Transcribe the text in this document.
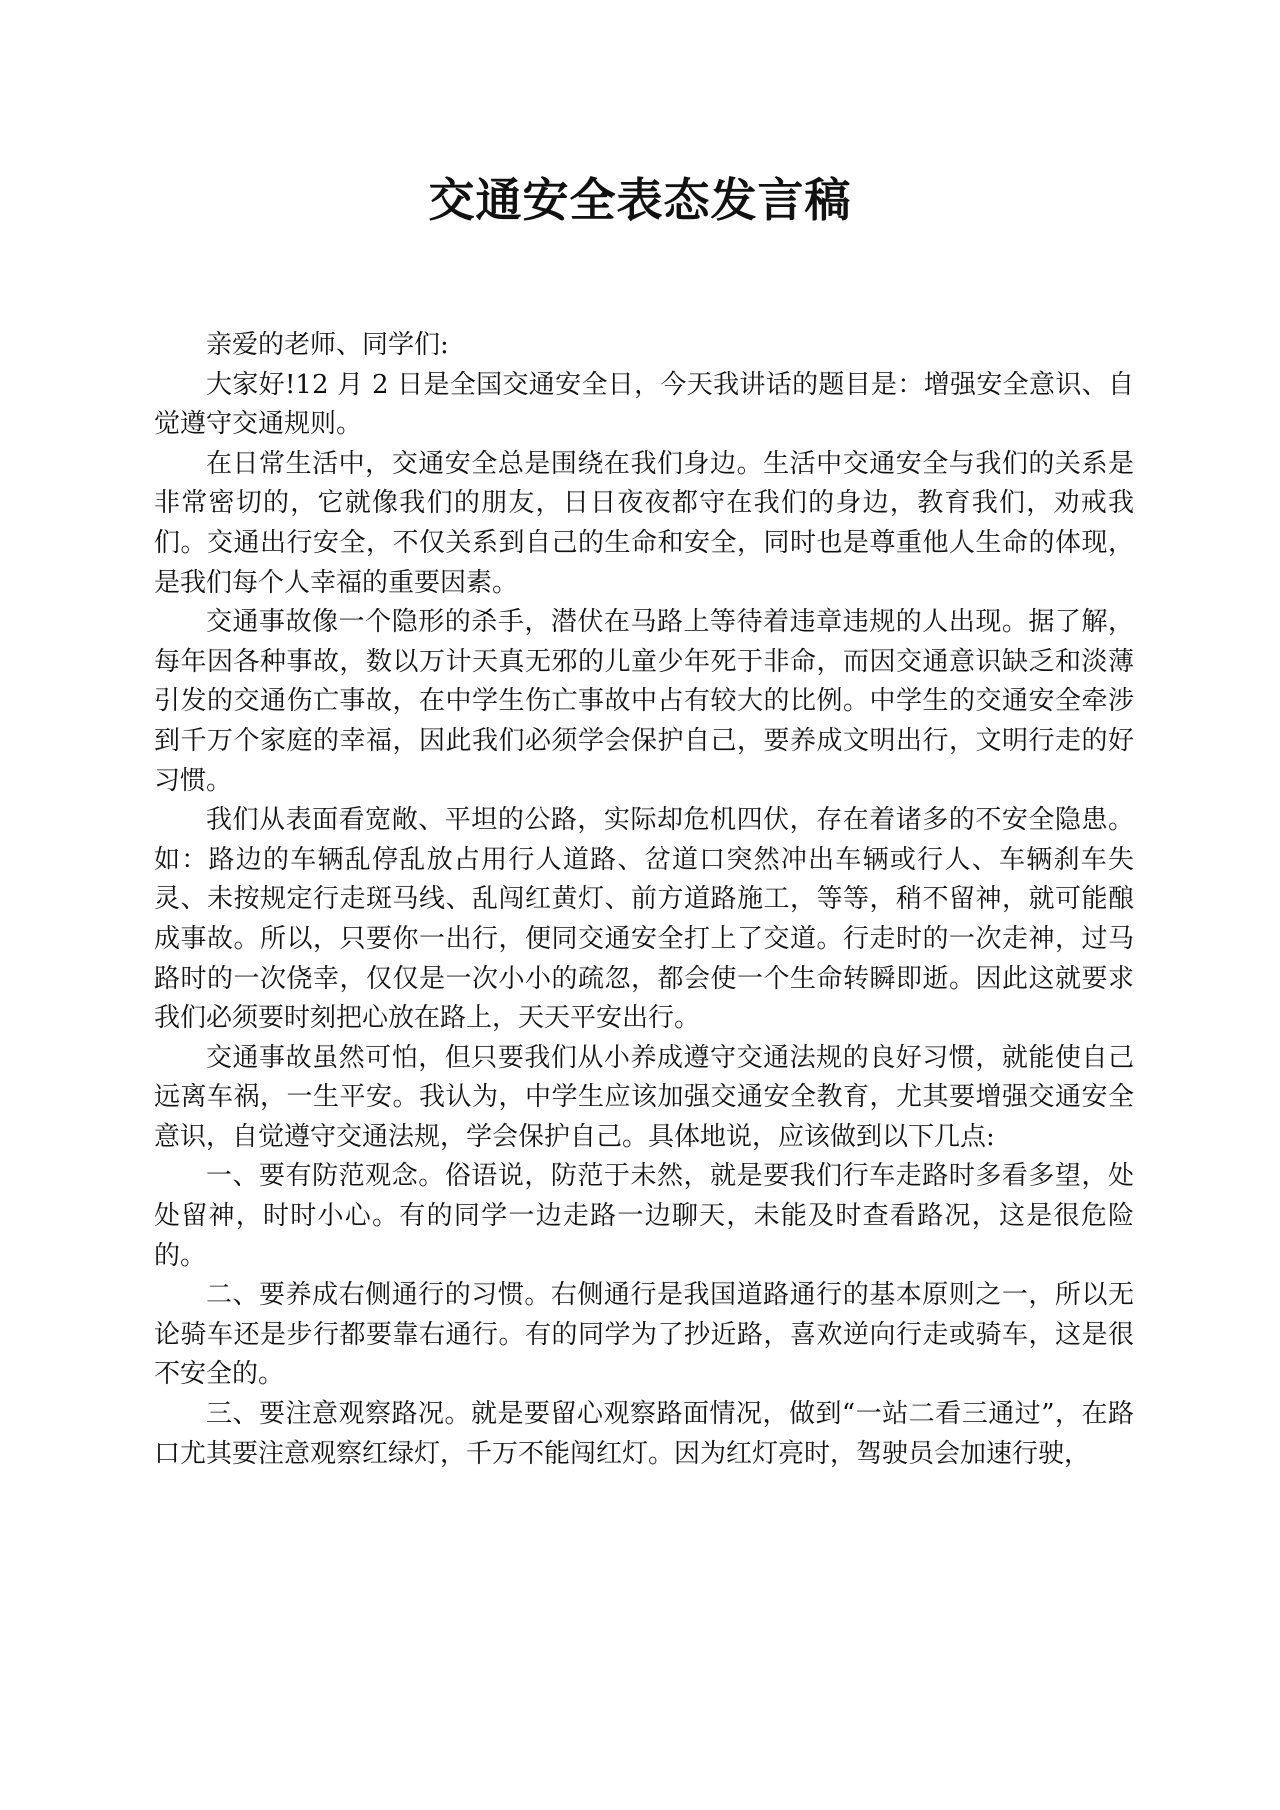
交通安全表态发言稿

亲爱的老师、同学们:

大家好!12 月 2 日是全国交通安全日，今天我讲话的题目是：增强安全意识、自觉遵守交通规则。

在日常生活中，交通安全总是围绕在我们身边。生活中交通安全与我们的关系是非常密切的，它就像我们的朋友，日日夜夜都守在我们的身边，教育我们，劝戒我们。交通出行安全，不仅关系到自己的生命和安全，同时也是尊重他人生命的体现，是我们每个人幸福的重要因素。

交通事故像一个隐形的杀手，潜伏在马路上等待着违章违规的人出现。据了解，每年因各种事故，数以万计天真无邪的儿童少年死于非命，而因交通意识缺乏和淡薄引发的交通伤亡事故，在中学生伤亡事故中占有较大的比例。中学生的交通安全牵涉到千万个家庭的幸福，因此我们必须学会保护自己，要养成文明出行，文明行走的好习惯。

我们从表面看宽敞、平坦的公路，实际却危机四伏，存在着诸多的不安全隐患。如：路边的车辆乱停乱放占用行人道路、岔道口突然冲出车辆或行人、车辆刹车失灵、未按规定行走斑马线、乱闯红黄灯、前方道路施工，等等，稍不留神，就可能酿成事故。所以，只要你一出行，便同交通安全打上了交道。行走时的一次走神，过马路时的一次侥幸，仅仅是一次小小的疏忽，都会使一个生命转瞬即逝。因此这就要求我们必须要时刻把心放在路上，天天平安出行。

交通事故虽然可怕，但只要我们从小养成遵守交通法规的良好习惯，就能使自己远离车祸，一生平安。我认为，中学生应该加强交通安全教育，尤其要增强交通安全意识，自觉遵守交通法规，学会保护自己。具体地说，应该做到以下几点:

一、要有防范观念。俗语说，防范于未然，就是要我们行车走路时多看多望，处处留神，时时小心。有的同学一边走路一边聊天，未能及时查看路况，这是很危险的。

二、要养成右侧通行的习惯。右侧通行是我国道路通行的基本原则之一，所以无论骑车还是步行都要靠右通行。有的同学为了抄近路，喜欢逆向行走或骑车，这是很不安全的。

三、要注意观察路况。就是要留心观察路面情况，做到“一站二看三通过”，在路口尤其要注意观察红绿灯，千万不能闯红灯。因为红灯亮时，驾驶员会加速行驶，
